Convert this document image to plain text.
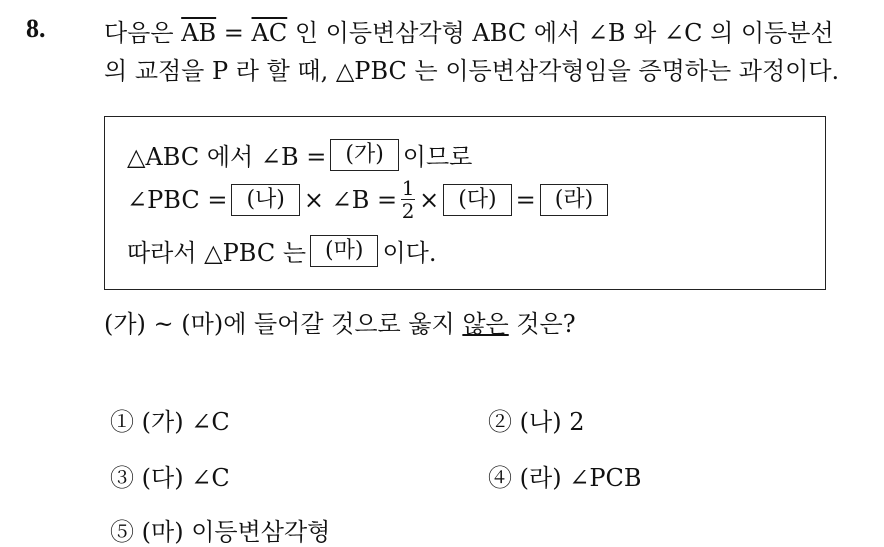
8. 다음은 $\overline{AB} = \overline{AC}$ 인 이등변삼각형 ABC 에서 ∠B 와 ∠C 의 이등분선
의 교점을 P 라 할 때, △PBC 는 이등변삼각형임을 증명하는 과정이다.
△ABC 에서 ∠B = (가) 이므로
∠PBC = (나) × ∠B = $\frac{1}{2}$ × (다) = (라)
따라서 △PBC 는 (마) 이다.
(가) ~ (마)에 들어갈 것으로 옳지 않은 것은?
① (가) ∠C	② (나) 2
③ (다) ∠C	④ (라) ∠PCB
⑤ (마) 이등변삼각형
